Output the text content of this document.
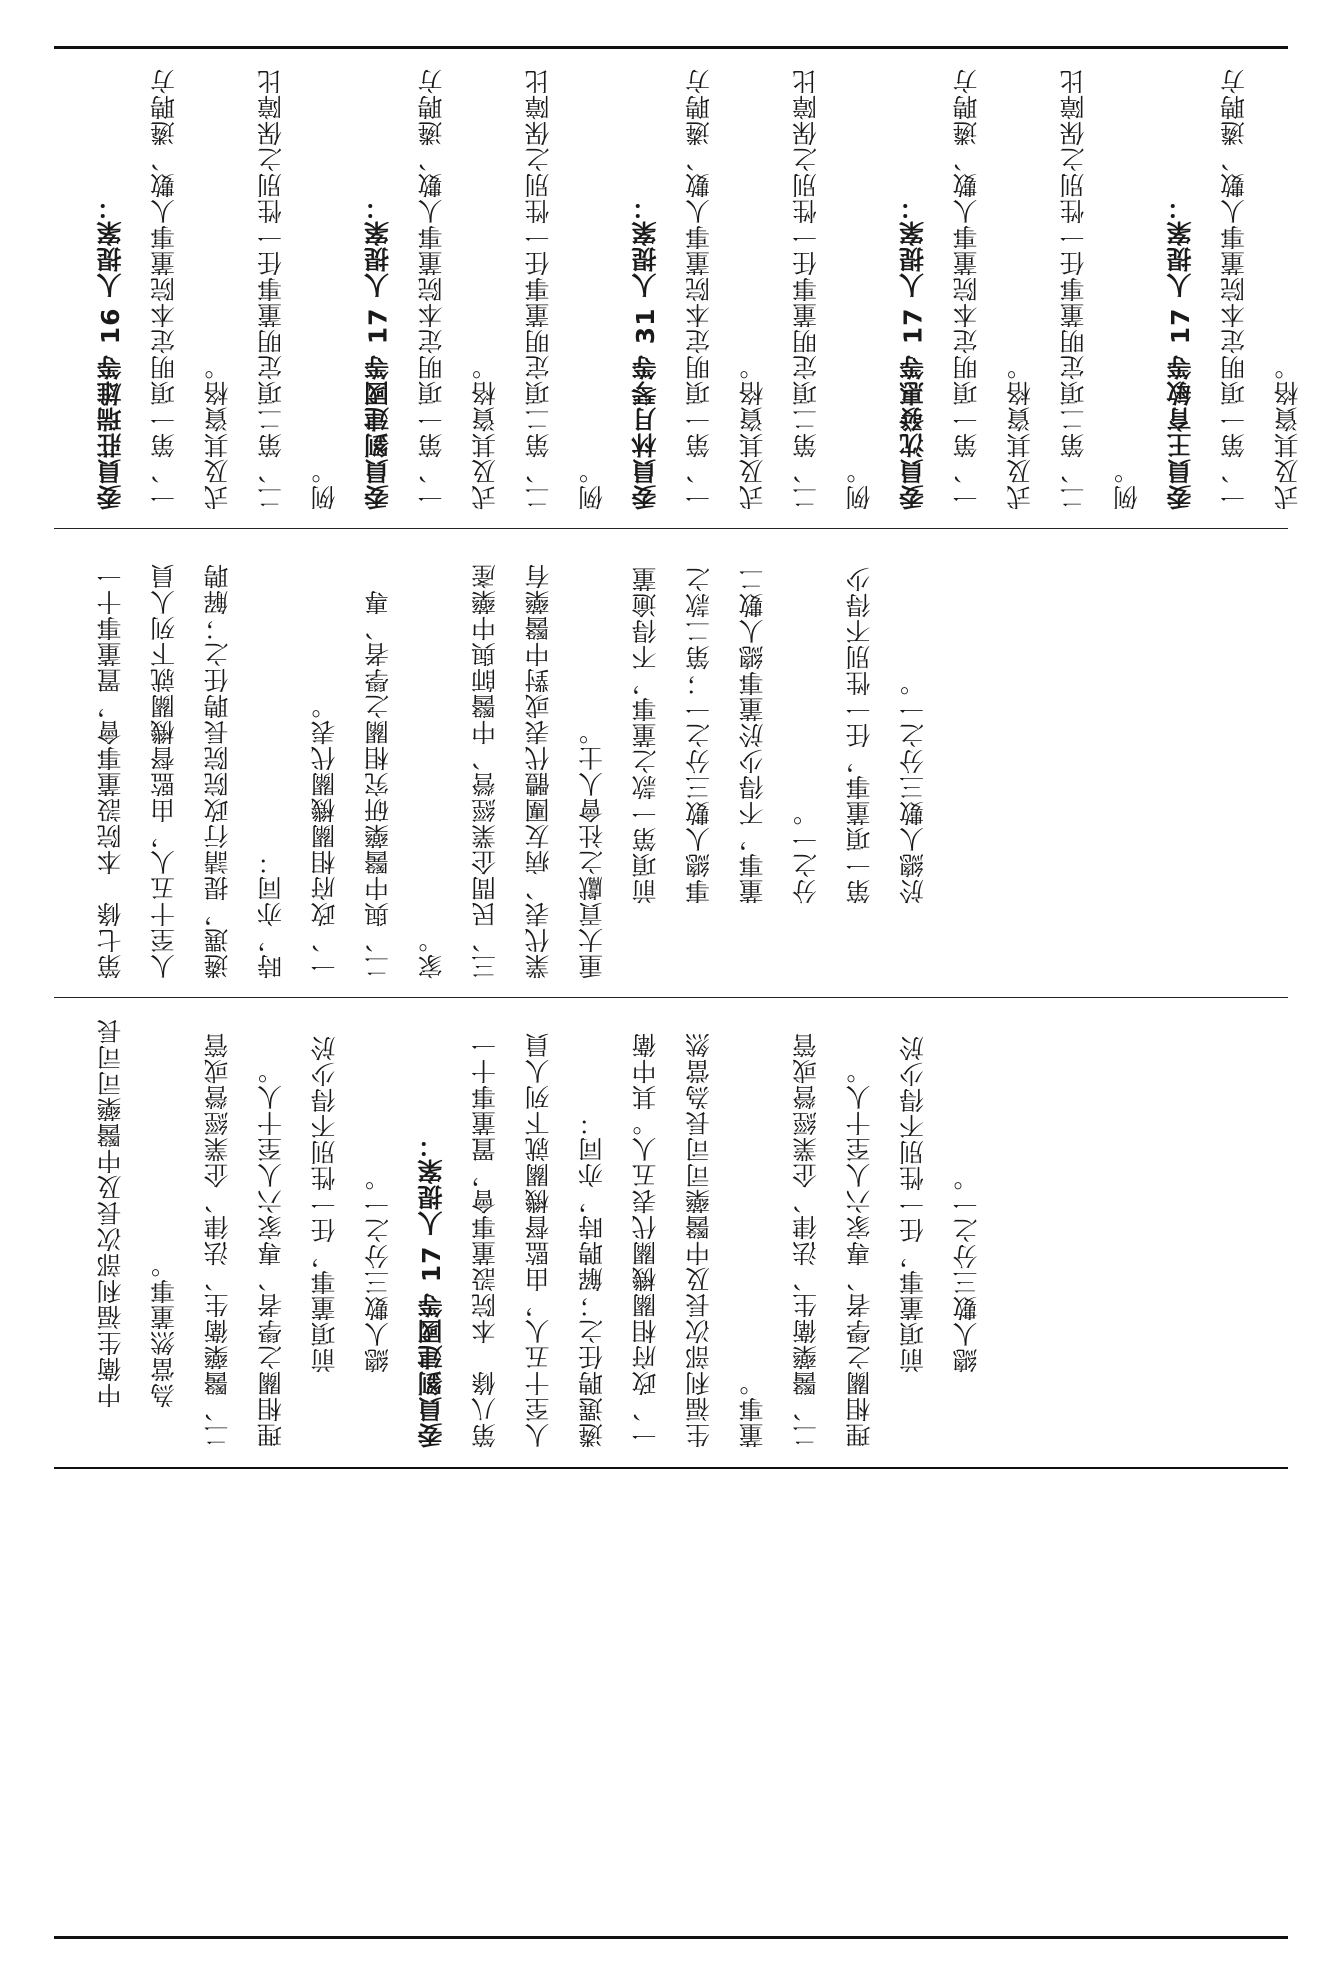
委員莊瑞雄等 16 人提案： 一、第一項明定本院董事人數、遴聘方式及其資格。 二、第二項定明董事任一性別之保障比例。 委員劉建國等 17 人提案： 一、第一項明定本院董事人數、遴聘方式及其資格。 二、第二項定明董事任一性別之保障比例。 委員林月琴等 31 人提案： 一、第一項明定本院董事人數、遴聘方式及其資格。 二、第二項定明董事任一性別之保障比例。 委員沈發惠等 17 人提案： 一、第一項明定本院董事人數、遴聘方式及其資格。 二、第二項定明董事任一性別之保障比例。 委員王育敏等 17 人提案： 一、第一項明定本院董事人數、遴聘方式及其資格。

第七條　本院設董事會，置董事十一人至十五人，由監督機關就下列人員遴選，提請行政院院長聘任之；解聘時，亦同： 一、政府相關機關代表。 二、與中醫藥研究相關之學者、專家。 三、民間企業經營、中醫師與中藥產業代表、病友團體代表或對中醫藥有重大貢獻之社會人士。 前項第一款之董事，不得逾董事總人數三分之一；第二款之董事，不得少於董事總人數二分之一。 第一項董事，任一性別不得少於總人數三分之一。

中衛生福利部次長及中醫藥司司長為當然董事。 二、醫藥衛生、法律、企業經營或管理相關之學者、專家六人至十人。 前項董事，任一性別不得少於總人數三分之一。 委員劉建國等 17 人提案： 第八條　本院設董事會，置董事十一人至十五人，由監督機關就下列人員遴選聘任之；解聘時，亦同： 一、政府相關機關代表五人。其中衛生福利部次長及中醫藥司司長為當然董事。 二、醫藥衛生、法律、企業經營或管理相關之學者、專家六人至十人。 前項董事，任一性別不得少於總人數三分之一。
